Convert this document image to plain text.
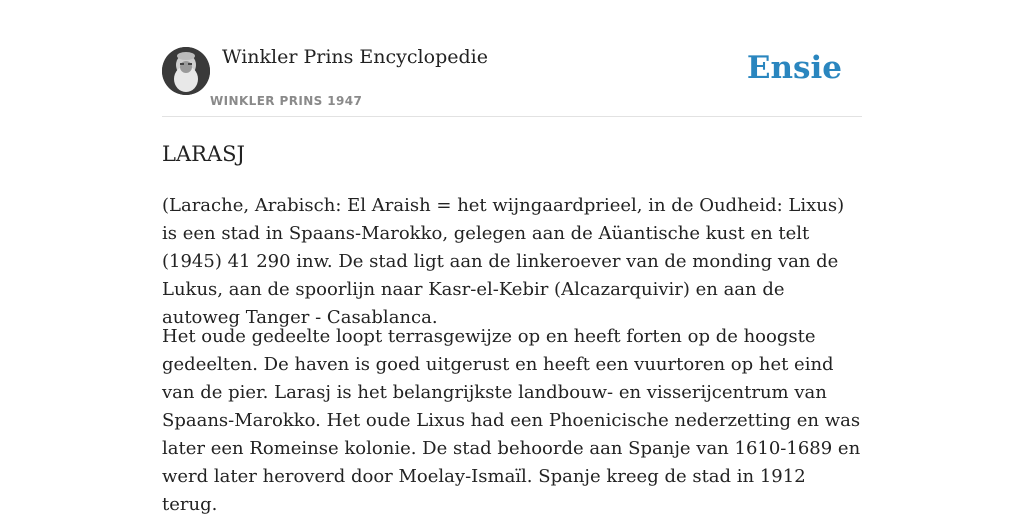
Winkler Prins Encyclopedie
WINKLER PRINS 1947
Ensie
LARASJ

(Larache, Arabisch: El Araish = het wijngaardprieel, in de Oudheid: Lixus) is een stad in Spaans-Marokko, gelegen aan de Aüantische kust en telt (1945) 41 290 inw. De stad ligt aan de linkeroever van de monding van de Lukus, aan de spoorlijn naar Kasr-el-Kebir (Alcazarquivir) en aan de autoweg Tanger - Casablanca.

Het oude gedeelte loopt terrasgewijze op en heeft forten op de hoogste gedeelten. De haven is goed uitgerust en heeft een vuurtoren op het eind van de pier. Larasj is het belangrijkste landbouw- en visserijcentrum van Spaans-Marokko. Het oude Lixus had een Phoenicische nederzetting en was later een Romeinse kolonie. De stad behoorde aan Spanje van 1610-1689 en werd later heroverd door Moelay-Ismaïl. Spanje kreeg de stad in 1912 terug.
